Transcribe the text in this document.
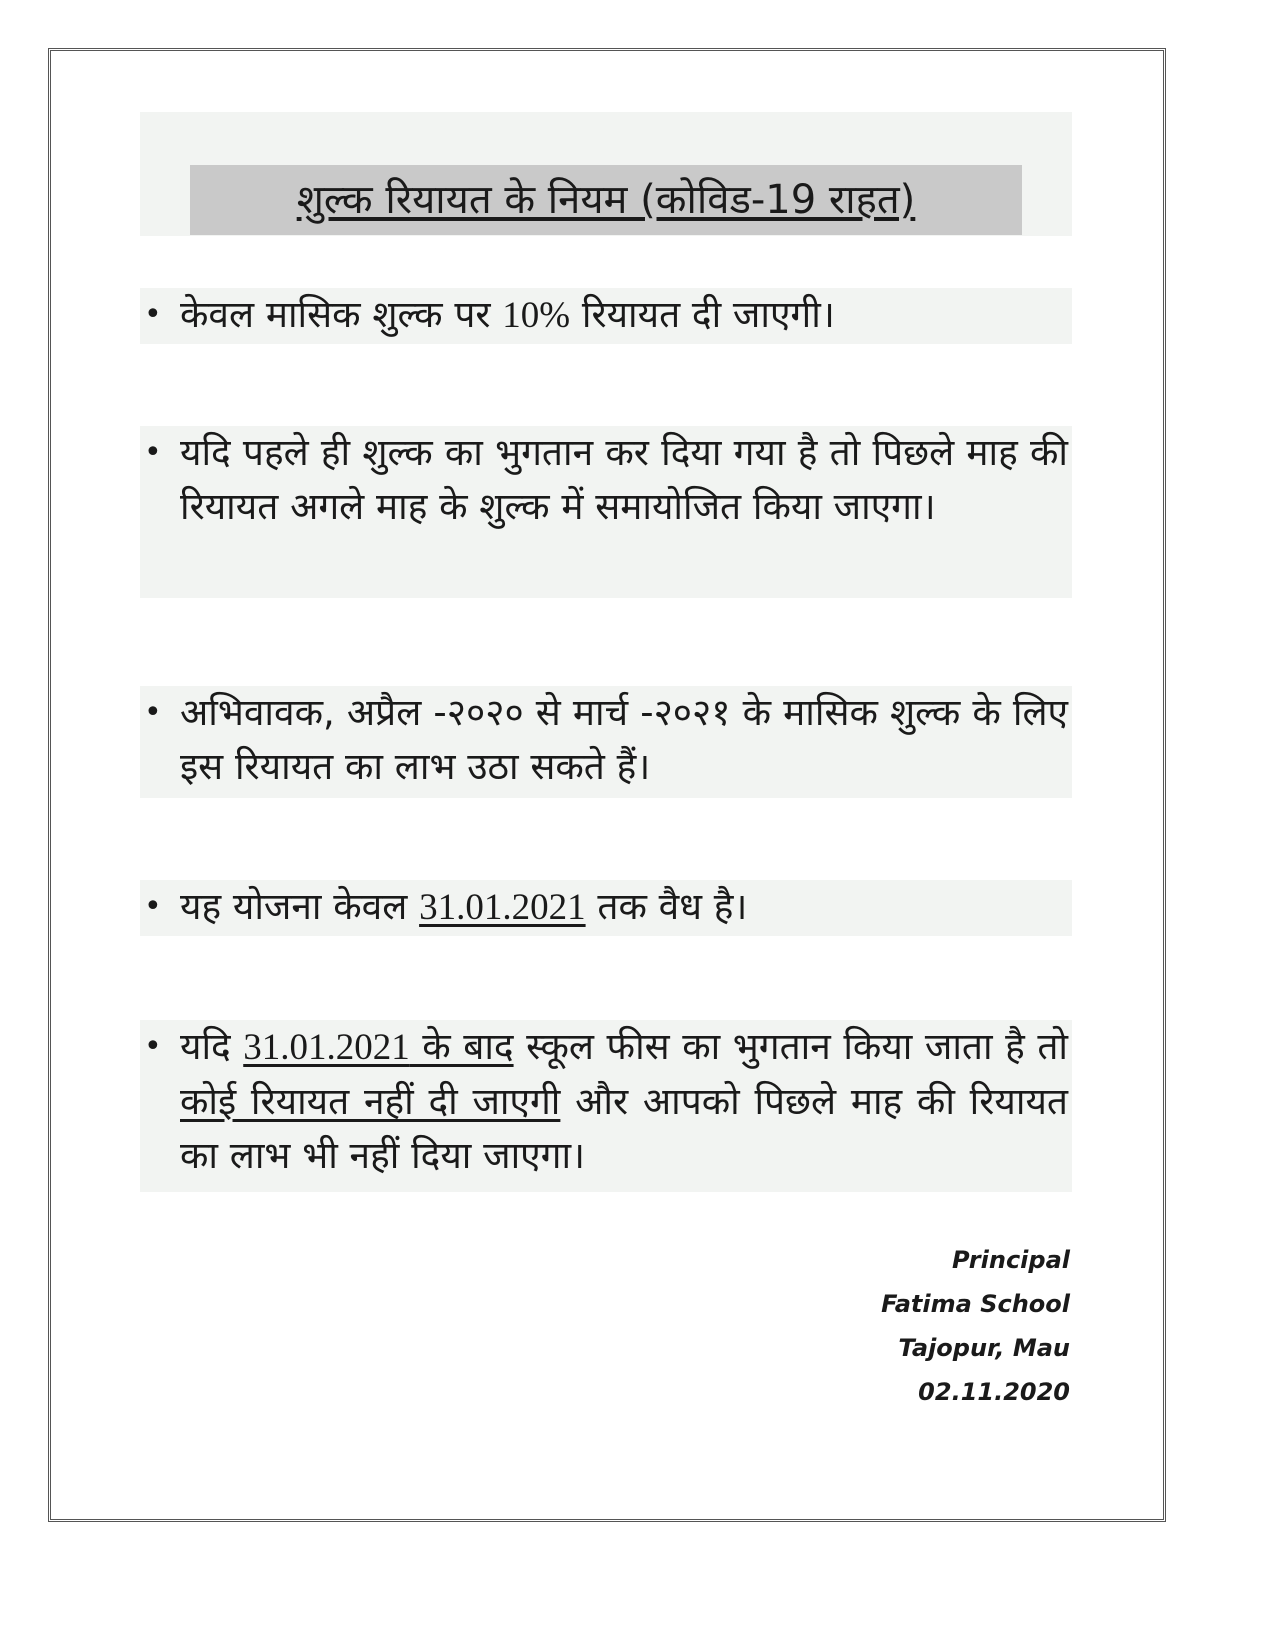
शुल्क रियायत के नियम (कोविड-19 राहत)
• केवल मासिक शुल्क पर 10% रियायत दी जाएगी।
• यदि पहले ही शुल्क का भुगतान कर दिया गया है तो पिछले माह की रियायत अगले माह के शुल्क में समायोजित किया जाएगा।
• अभिवावक, अप्रैल -२०२० से मार्च -२०२१ के मासिक शुल्क के लिए इस रियायत का लाभ उठा सकते हैं।
• यह योजना केवल 31.01.2021 तक वैध है।
• यदि 31.01.2021 के बाद स्कूल फीस का भुगतान किया जाता है तो कोई रियायत नहीं दी जाएगी और आपको पिछले माह की रियायत का लाभ भी नहीं दिया जाएगा।
Principal
Fatima School
Tajopur, Mau
02.11.2020
